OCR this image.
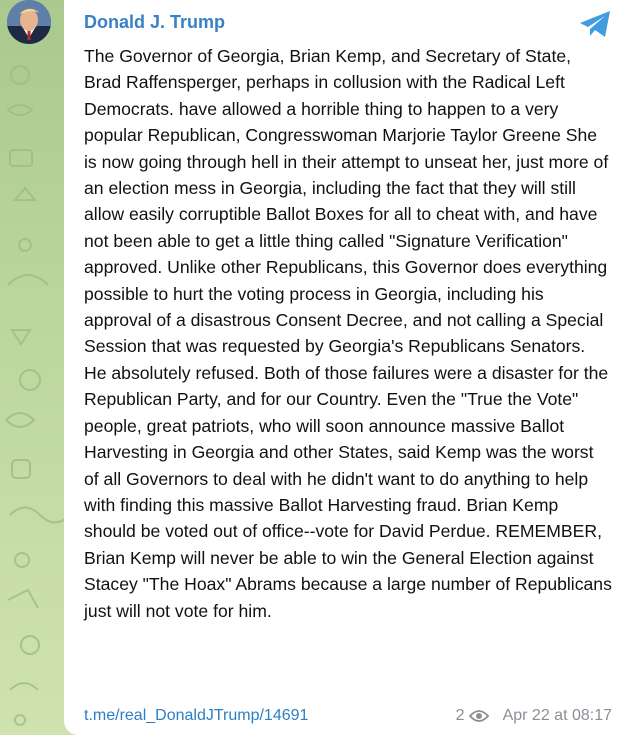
Donald J. Trump

The Governor of Georgia, Brian Kemp, and Secretary of State, Brad Raffensperger, perhaps in collusion with the Radical Left Democrats. have allowed a horrible thing to happen to a very popular Republican, Congresswoman Marjorie Taylor Greene She is now going through hell in their attempt to unseat her, just more of an election mess in Georgia, including the fact that they will still allow easily corruptible Ballot Boxes for all to cheat with, and have not been able to get a little thing called "Signature Verification" approved. Unlike other Republicans, this Governor does everything possible to hurt the voting process in Georgia, including his approval of a disastrous Consent Decree, and not calling a Special Session that was requested by Georgia's Republicans Senators. He absolutely refused. Both of those failures were a disaster for the Republican Party, and for our Country. Even the "True the Vote" people, great patriots, who will soon announce massive Ballot Harvesting in Georgia and other States, said Kemp was the worst of all Governors to deal with he didn't want to do anything to help with finding this massive Ballot Harvesting fraud. Brian Kemp should be voted out of office--vote for David Perdue. REMEMBER, Brian Kemp will never be able to win the General Election against Stacey "The Hoax" Abrams because a large number of Republicans just will not vote for him.

t.me/real_DonaldJTrump/14691	2 Apr 22 at 08:17
